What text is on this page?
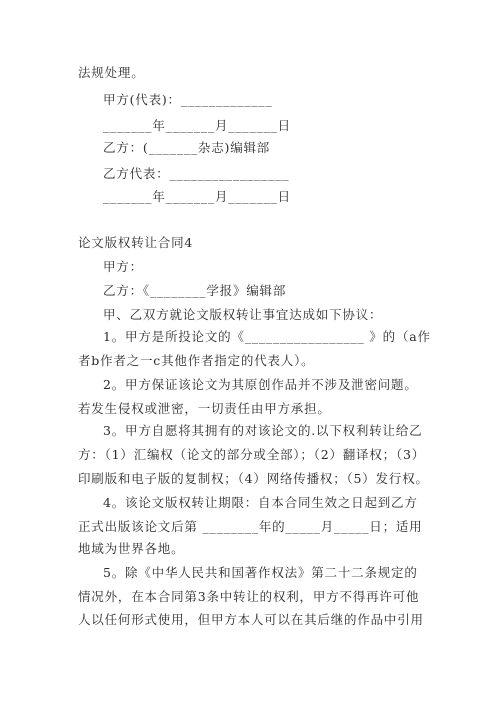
法规处理。
甲方(代表)：_____________
_______年_______月_______日
乙方：(_______杂志)编辑部
乙方代表：_________________
_______年_______月_______日
论文版权转让合同4
甲方：
乙方：《________学报》编辑部
甲、乙双方就论文版权转让事宜达成如下协议：
1。甲方是所投论文的《_________________ 》的（a作
者b作者之一c其他作者指定的代表人）。
2。甲方保证该论文为其原创作品并不涉及泄密问题。
若发生侵权或泄密，一切责任由甲方承担。
3。甲方自愿将其拥有的对该论文的.以下权利转让给乙
方：（1）汇编权（论文的部分或全部）；（2）翻译权；（3）
印刷版和电子版的复制权；（4）网络传播权；（5）发行权。
4。该论文版权转让期限：自本合同生效之日起到乙方
正式出版该论文后第 ________年的_____月_____日；适用
地域为世界各地。
5。除《中华人民共和国著作权法》第二十二条规定的
情况外，在本合同第3条中转让的权利，甲方不得再许可他
人以任何形式使用，但甲方本人可以在其后继的作品中引用
